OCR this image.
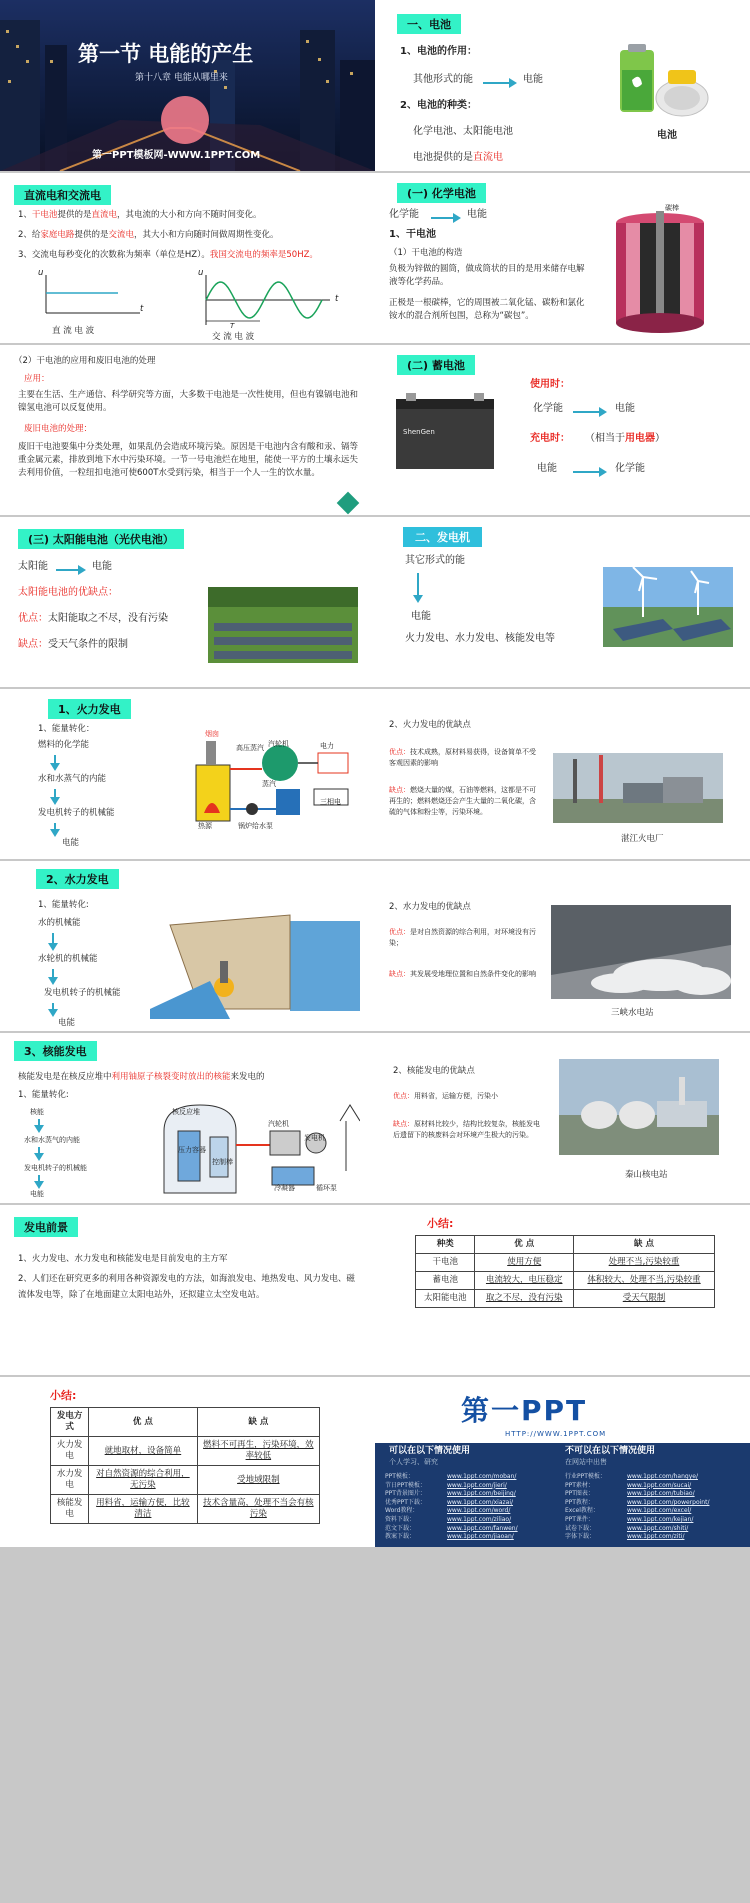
第一节 电能的产生
第十八章 电能从哪里来
第一PPT模板网-WWW.1PPT.COM
一、电池
1、电池的作用：
其他形式的能	电能
2、电池的种类：
化学电池、太阳能电池
电池提供的是直流电
电池
直流电和交流电
1、干电池提供的是直流电，其电流的大小和方向不随时间变化。
2、给家庭电路提供的是交流电，其大小和方向随时间做周期性变化。
3、交流电每秒变化的次数称为频率（单位是HZ）。我国交流电的频率是50HZ。
u
t
u
t
T
直 流 电 波
交 流 电 波
(一) 化学电池
化学能	电能
1、干电池
（1）干电池的构造
负极为锌做的圆筒，做成筒状的目的是用来储存电解液等化学药品。
正极是一根碳棒，它的周围被二氧化锰、碳粉和氯化铵水的混合剂所包围，总称为“碳包”。
碳棒
（2）干电池的应用和废旧电池的处理
应用：
主要在生活、生产通信、科学研究等方面，大多数干电池是一次性使用，但也有镍镉电池和镍氢电池可以反复使用。
废旧电池的处理：
废旧干电池要集中分类处理，如果乱仍会造成环境污染。原因是干电池内含有酸和汞、镉等重金属元素，排放到地下水中污染环境。一节一号电池烂在地里，能使一平方的土壤永远失去利用价值，一粒纽扣电池可使600T水受到污染，相当于一个人一生的饮水量。
(二) 蓄电池
ShenGen
使用时：
化学能	电能
充电时： （相当于用电器）
电能	化学能
(三) 太阳能电池（光伏电池）
太阳能	电能
太阳能电池的优缺点：
优点：太阳能取之不尽，没有污染
缺点：受天气条件的限制
二、发电机
其它形式的能
电能
火力发电、水力发电、核能发电等
1、火力发电
1、能量转化：
燃料的化学能
水和水蒸气的内能
发电机转子的机械能
电能
烟囱
高压蒸汽 汽轮机	电力
蒸汽
三相电
热源	锅炉给水泵
2、火力发电的优缺点
优点：技术成熟，原材料易获得，设备简单不受客观因素的影响
缺点：燃烧大量的煤，石油等燃料，这都是不可再生的；燃料燃烧还会产生大量的二氧化碳，含硫的气体和粉尘等，污染环境。
湛江火电厂
2、水力发电
1、能量转化:
水的机械能
水轮机的机械能
发电机转子的机械能
电能
2、水力发电的优缺点
优点：是对自然资源的综合利用，对环境没有污染；
缺点：其发展受地理位置和自然条件变化的影响
三峡水电站
3、核能发电
核能发电是在核反应堆中利用铀原子核裂变时放出的核能来发电的
1、能量转化:
核能
水和水蒸气的内能
发电机转子的机械能
电能
核反应堆
压力容器
控制棒
汽轮机
发电机
冷凝器	循环泵
2、核能发电的优缺点
优点：用料省，运输方便，污染小
缺点：原材料比较少，结构比较复杂，核能发电后遗留下的核废料会对环境产生极大的污染。
秦山核电站
发电前景
1、火力发电、水力发电和核能发电是目前发电的主方军
2、人们还在研究更多的利用各种资源发电的方法，如海浪发电、地热发电、风力发电、磁流体发电等，除了在地面建立太阳电站外，还拟建立太空发电站。
小结:
种类	优 点	缺 点
干电池	使用方便	处理不当,污染较重
蓄电池	电流较大，电压稳定	体积较大、处理不当,污染较重
太阳能电池	取之不尽，没有污染	受天气限制
小结:
发电方式	优 点	缺 点
火力发电	就地取材，设备简单	燃料不可再生，污染环境，效率较低
水力发电	对自然资源的综合利用，无污染	受地域限制
核能发电	用料省，运输方便，比较清洁	技术含量高，处理不当会有核污染
第一PPT
HTTP://WWW.1PPT.COM
可以在以下情况使用
个人学习、研究
不可以在以下情况使用
在网站中出售
PPT模板：	www.1ppt.com/moban/
节日PPT模板：	www.1ppt.com/jieri/
PPT背景图片：	www.1ppt.com/beijing/
优秀PPT下载：	www.1ppt.com/xiazai/
Word教程：	www.1ppt.com/word/
资料下载：	www.1ppt.com/ziliao/
范文下载：	www.1ppt.com/fanwen/
教案下载：	www.1ppt.com/jiaoan/
行业PPT模板：	www.1ppt.com/hangye/
PPT素材：	www.1ppt.com/sucai/
PPT图表：	www.1ppt.com/tubiao/
PPT教程：	www.1ppt.com/powerpoint/
Excel教程：	www.1ppt.com/excel/
PPT课件：	www.1ppt.com/kejian/
试卷下载：	www.1ppt.com/shiti/
字体下载：	www.1ppt.com/ziti/
